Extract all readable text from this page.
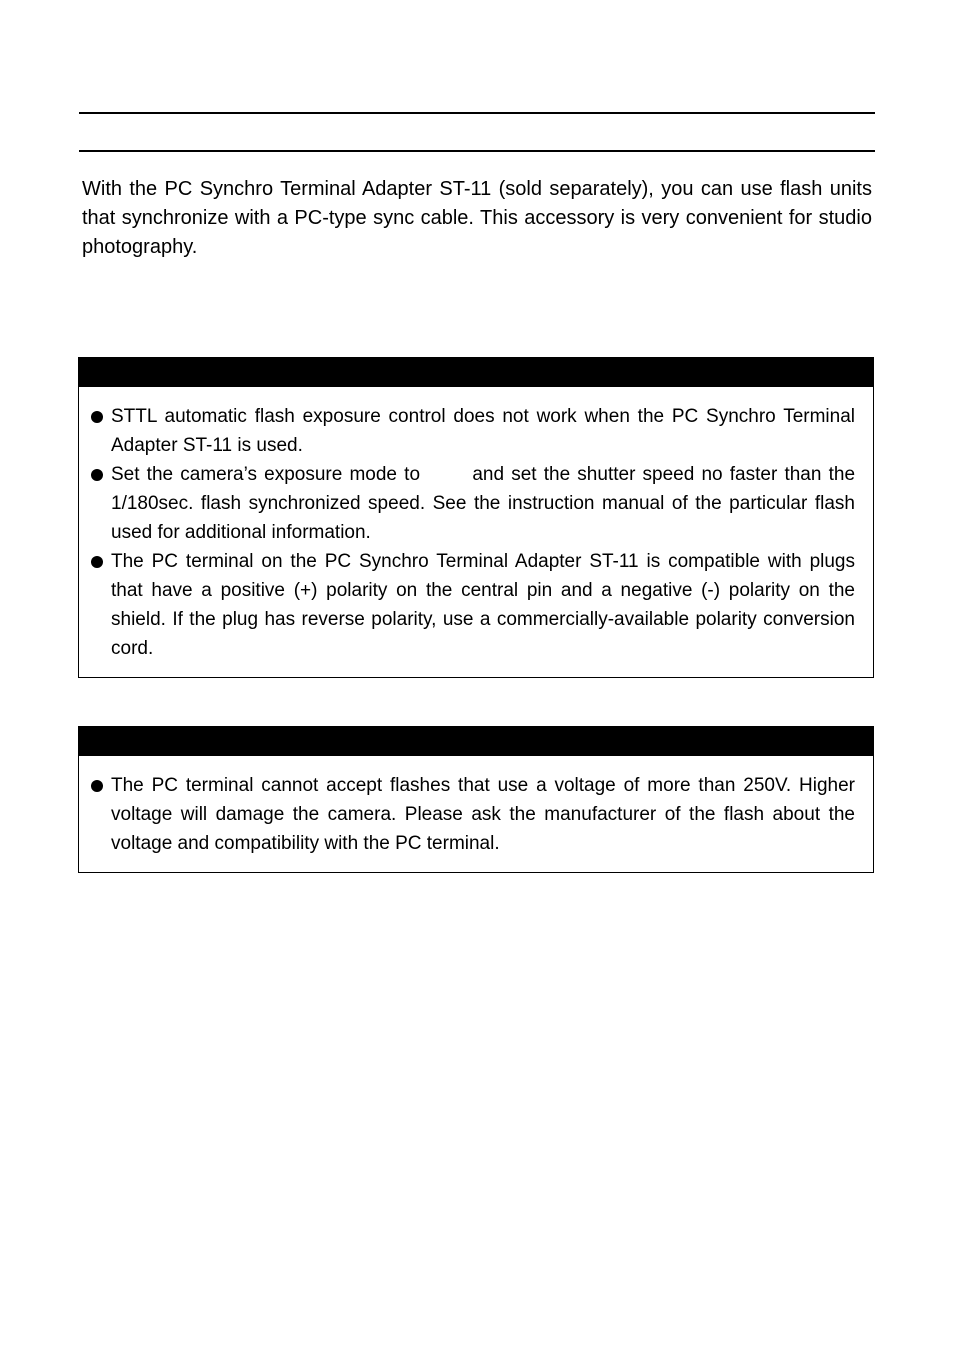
With the PC Synchro Terminal Adapter ST-11 (sold separately), you can use flash units that synchronize with a PC-type sync cable. This accessory is very convenient for studio photography.

STTL automatic flash exposure control does not work when the PC Synchro Terminal Adapter ST-11 is used.
Set the camera’s exposure mode to	and set the shutter speed no faster than the 1/180sec. flash synchronized speed. See the instruction manual of the particular flash used for additional information.
The PC terminal on the PC Synchro Terminal Adapter ST-11 is compatible with plugs that have a positive (+) polarity on the central pin and a negative (-) polarity on the shield. If the plug has reverse polarity, use a commercially-available polarity conversion cord.
The PC terminal cannot accept flashes that use a voltage of more than 250V. Higher voltage will damage the camera. Please ask the manufacturer of the flash about the voltage and compatibility with the PC terminal.
